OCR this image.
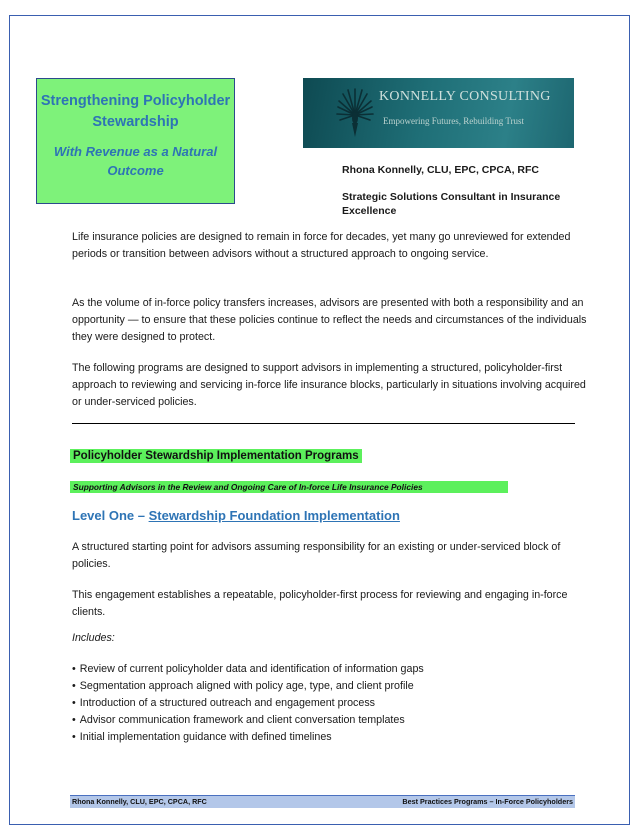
Strengthening Policyholder Stewardship
With Revenue as a Natural Outcome
KONNELLY CONSULTING
Empowering Futures, Rebuilding Trust
Rhona Konnelly, CLU, EPC, CPCA, RFC
Strategic Solutions Consultant in Insurance Excellence
Life insurance policies are designed to remain in force for decades, yet many go unreviewed for extended periods or transition between advisors without a structured approach to ongoing service.
As the volume of in-force policy transfers increases, advisors are presented with both a responsibility and an opportunity — to ensure that these policies continue to reflect the needs and circumstances of the individuals they were designed to protect.
The following programs are designed to support advisors in implementing a structured, policyholder-first approach to reviewing and servicing in-force life insurance blocks, particularly in situations involving acquired or under-serviced policies.
Policyholder Stewardship Implementation Programs
Supporting Advisors in the Review and Ongoing Care of In-force Life Insurance Policies
Level One – Stewardship Foundation Implementation
A structured starting point for advisors assuming responsibility for an existing or under-serviced block of policies.
This engagement establishes a repeatable, policyholder-first process for reviewing and engaging in-force clients.
Includes:
• Review of current policyholder data and identification of information gaps
• Segmentation approach aligned with policy age, type, and client profile
• Introduction of a structured outreach and engagement process
• Advisor communication framework and client conversation templates
• Initial implementation guidance with defined timelines
Rhona Konnelly, CLU, EPC, CPCA, RFC	Best Practices Programs – In-Force Policyholders
